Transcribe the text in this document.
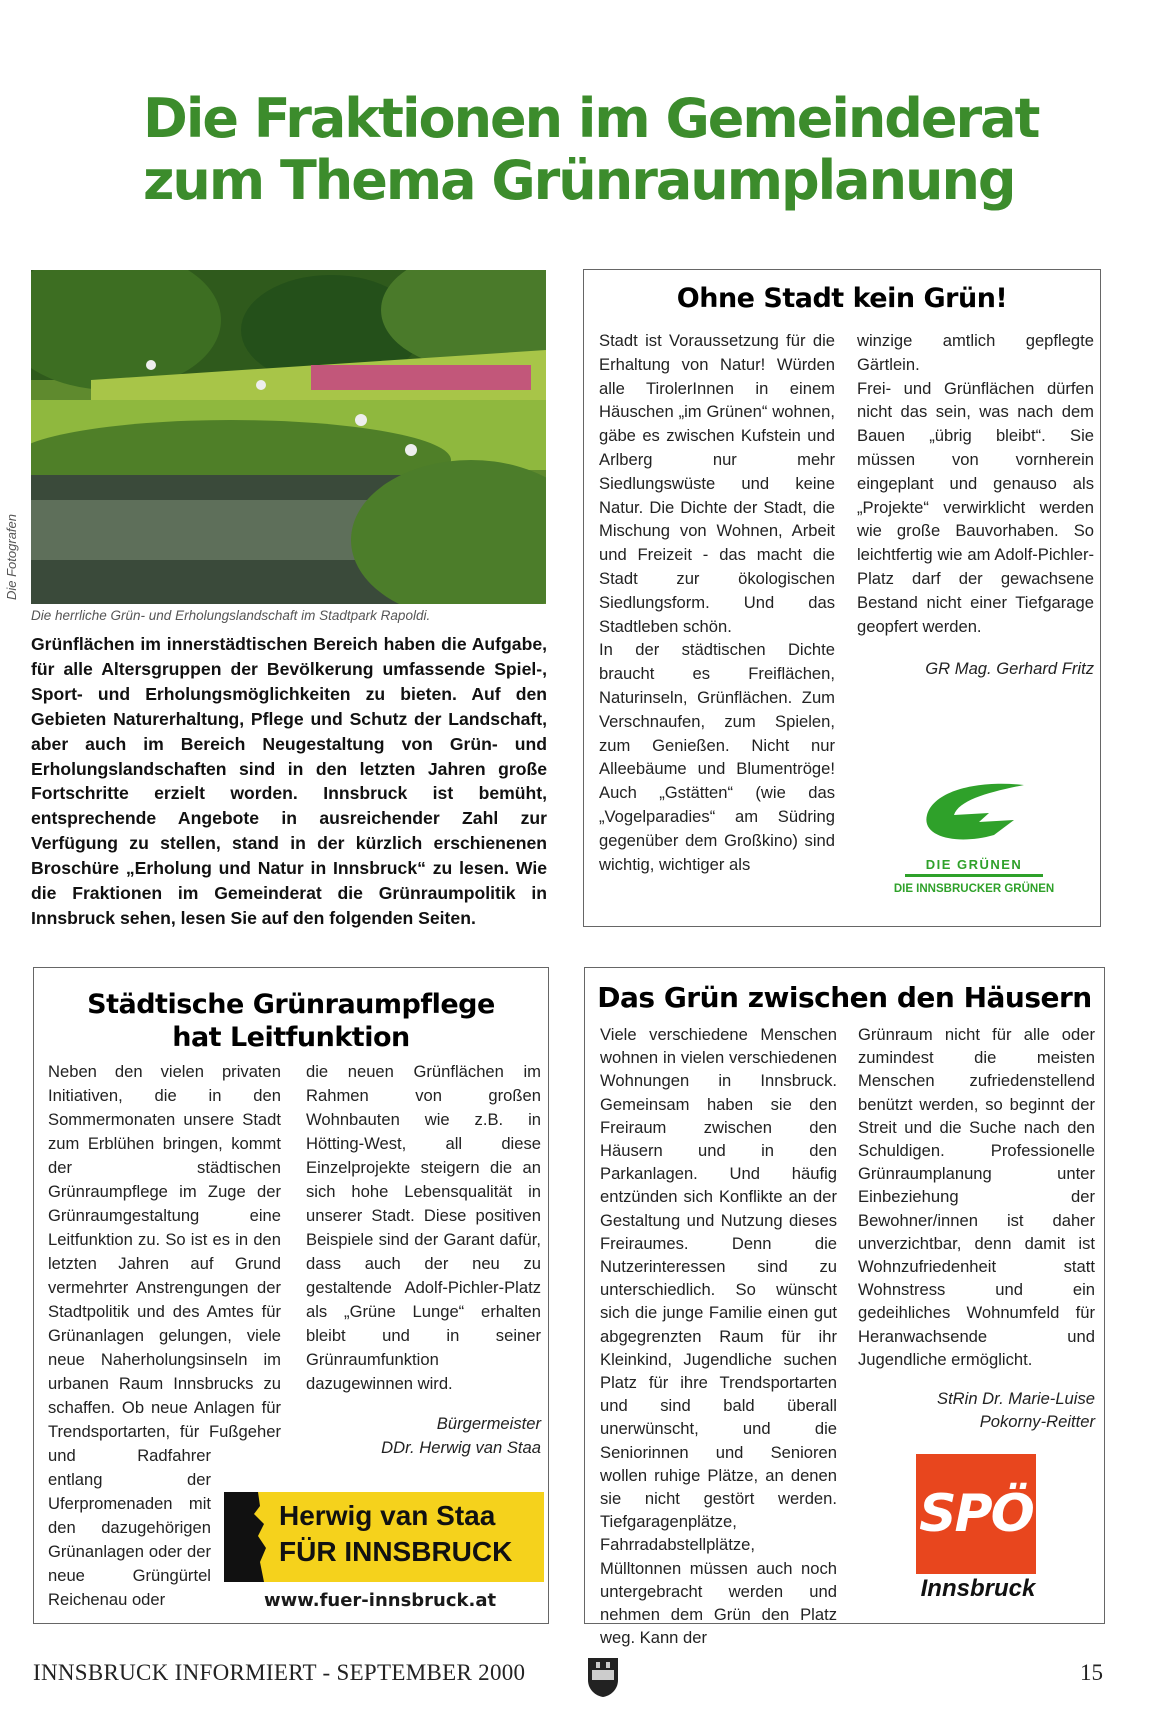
Die Fraktionen im Gemeinderat
zum Thema Grünraumplanung
Die Fotografen
Die herrliche Grün- und Erholungslandschaft im Stadtpark Rapoldi.

Grünflächen im innerstädtischen Bereich haben die Aufgabe, für alle Altersgruppen der Bevölkerung umfassende Spiel-, Sport- und Erholungsmöglichkeiten zu bieten. Auf den Gebieten Naturerhaltung, Pflege und Schutz der Landschaft, aber auch im Bereich Neugestaltung von Grün- und Erholungslandschaften sind in den letzten Jahren große Fortschritte erzielt worden. Innsbruck ist bemüht, entsprechende Angebote in ausreichender Zahl zur Verfügung zu stellen, stand in der kürzlich erschienenen Broschüre „Erholung und Natur in Innsbruck“ zu lesen. Wie die Fraktionen im Gemeinderat die Grünraumpolitik in Innsbruck sehen, lesen Sie auf den folgenden Seiten.

Ohne Stadt kein Grün!

Stadt ist Voraussetzung für die Erhaltung von Natur! Würden alle TirolerInnen in einem Häuschen „im Grünen“ wohnen, gäbe es zwischen Kufstein und Arlberg nur mehr Siedlungswüste und keine Natur. Die Dichte der Stadt, die Mischung von Wohnen, Arbeit und Freizeit - das macht die Stadt zur ökologischen Siedlungsform. Und das Stadtleben schön.

In der städtischen Dichte braucht es Freiflächen, Naturinseln, Grünflächen. Zum Verschnaufen, zum Spielen, zum Genießen. Nicht nur Alleebäume und Blumentröge! Auch „Gstätten“ (wie das „Vogelparadies“ am Südring gegenüber dem Großkino) sind wichtig, wichtiger als

winzige amtlich gepflegte Gärtlein.

Frei- und Grünflächen dürfen nicht das sein, was nach dem Bauen „übrig bleibt“. Sie müssen von vornherein eingeplant und genauso als „Projekte“ verwirklicht werden wie große Bauvorhaben. So leichtfertig wie am Adolf-Pichler-Platz darf der gewachsene Bestand nicht einer Tiefgarage geopfert werden.

GR Mag. Gerhard Fritz

DIE GRÜNEN
DIE INNSBRUCKER GRÜNEN
Städtische Grünraumpflege
hat Leitfunktion

Neben den vielen privaten Initiativen, die in den Sommermonaten unsere Stadt zum Erblühen bringen, kommt der städtischen Grünraumpflege im Zuge der Grünraumgestaltung eine Leitfunktion zu. So ist es in den letzten Jahren auf Grund vermehrter Anstrengungen der Stadtpolitik und des Amtes für Grünanlagen gelungen, viele neue Naherholungsinseln im urbanen Raum Innsbrucks zu schaffen. Ob neue Anlagen für Trendsportarten, für Fußgeher und Radfahrer entlang der Uferpromenaden mit den dazugehörigen Grünanlagen oder der neue Grüngürtel Reichenau oder

die neuen Grünflächen im Rahmen von großen Wohnbauten wie z.B. in Hötting-West, all diese Einzelprojekte steigern die an sich hohe Lebensqualität in unserer Stadt. Diese positiven Beispiele sind der Garant dafür, dass auch der neu zu gestaltende Adolf-Pichler-Platz als „Grüne Lunge“ erhalten bleibt und in seiner Grünraumfunktion dazugewinnen wird.

Bürgermeister

DDr. Herwig van Staa

Herwig van Staa
FÜR INNSBRUCK
www.fuer-innsbruck.at
Das Grün zwischen den Häusern

Viele verschiedene Menschen wohnen in vielen verschiedenen Wohnungen in Innsbruck. Gemeinsam haben sie den Freiraum zwischen den Häusern und in den Parkanlagen. Und häufig entzünden sich Konflikte an der Gestaltung und Nutzung dieses Freiraumes. Denn die Nutzerinteressen sind zu unterschiedlich. So wünscht sich die junge Familie einen gut abgegrenzten Raum für ihr Kleinkind, Jugendliche suchen Platz für ihre Trendsportarten und sind bald überall unerwünscht, und die Seniorinnen und Senioren wollen ruhige Plätze, an denen sie nicht gestört werden. Tiefgaragenplätze, Fahrradabstellplätze, Mülltonnen müssen auch noch untergebracht werden und nehmen dem Grün den Platz weg. Kann der

Grünraum nicht für alle oder zumindest die meisten Menschen zufriedenstellend benützt werden, so beginnt der Streit und die Suche nach den Schuldigen. Professionelle Grünraumplanung unter Einbeziehung der Bewohner/innen ist daher unverzichtbar, denn damit ist Wohnzufriedenheit statt Wohnstress und ein gedeihliches Wohnumfeld für Heranwachsende und Jugendliche ermöglicht.

StRin Dr. Marie-Luise

Pokorny-Reitter

SPÖ
Innsbruck
INNSBRUCK INFORMIERT - SEPTEMBER 2000	15
